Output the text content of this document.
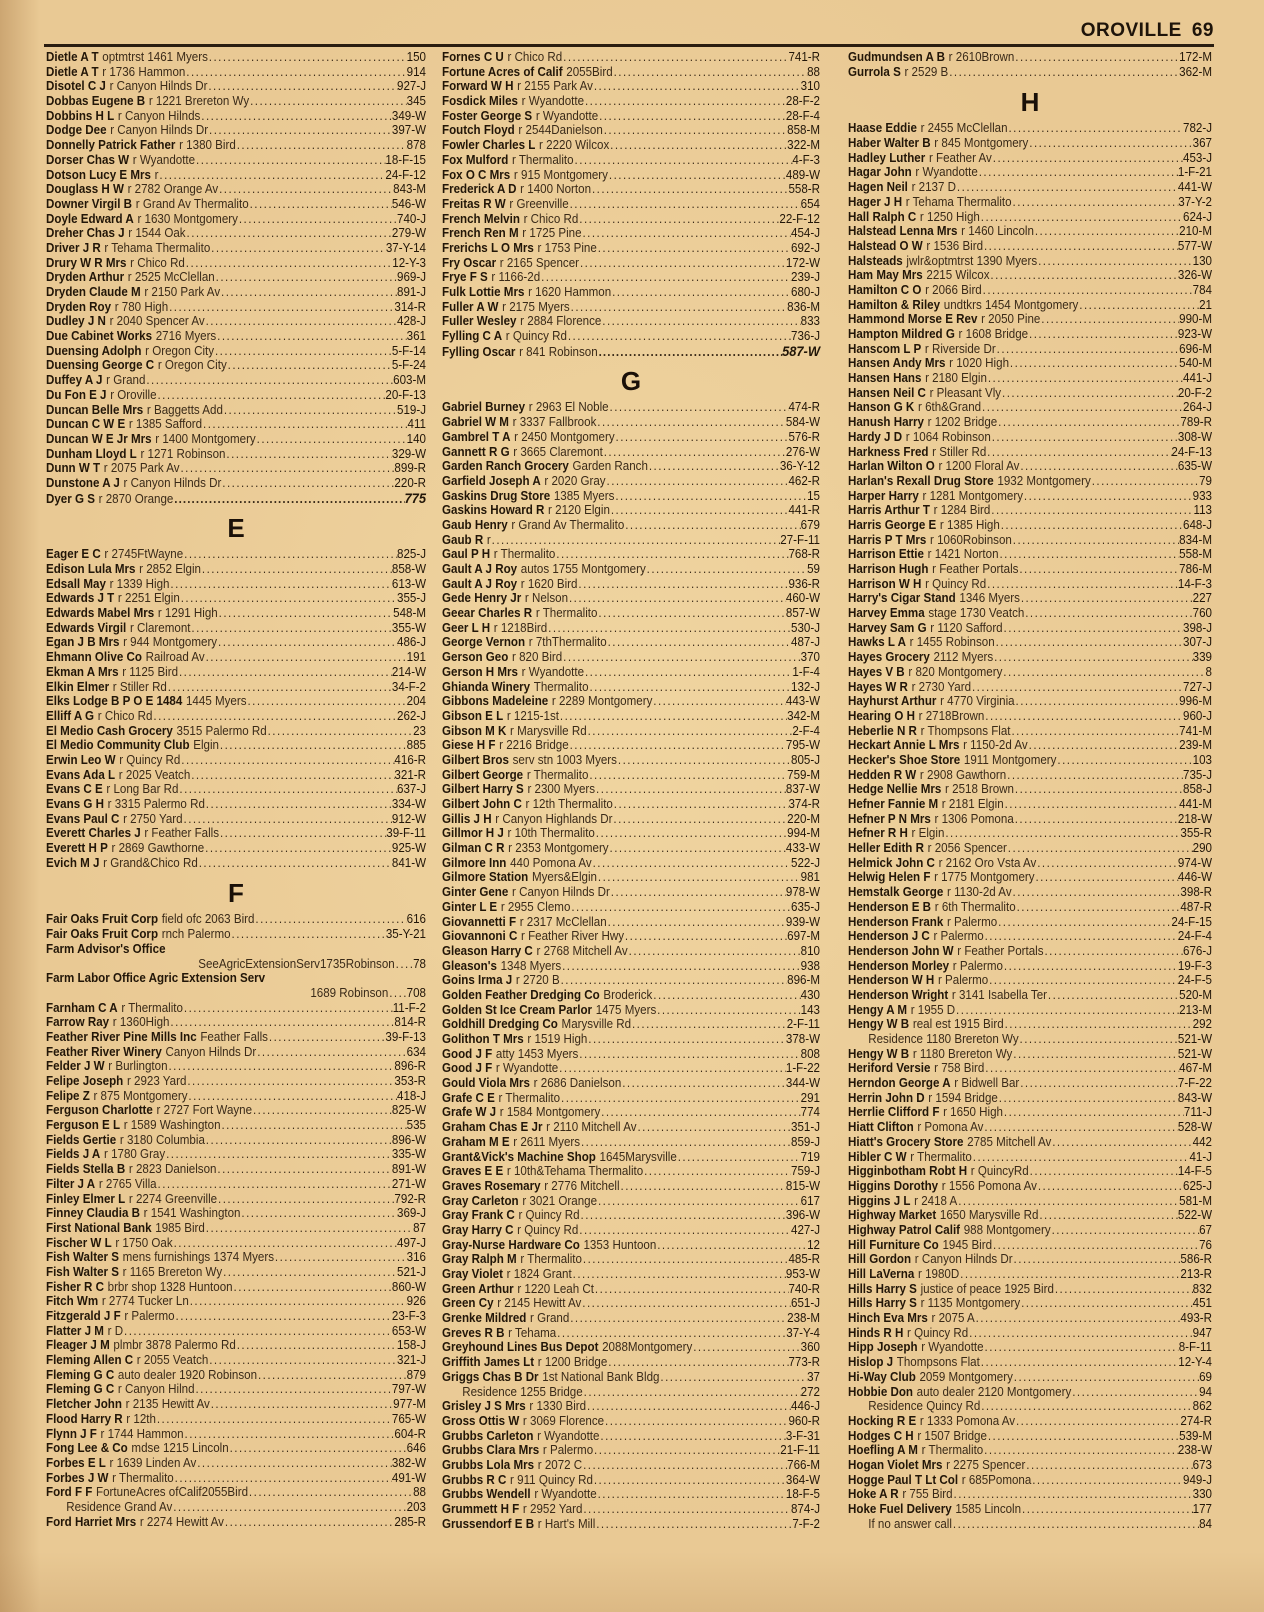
OROVILLE 69
Dietle A T optmtrst 1461 Myers .....	150
Dietle A T r 1736 Hammon .....	914
Disotel C J r Canyon Hilnds Dr .....	927-J
Dobbas Eugene B r 1221 Brereton Wy .....	345
Dobbins H L r Canyon Hilnds .....	349-W
Dodge Dee r Canyon Hilnds Dr .....	397-W
Donnelly Patrick Father r 1380 Bird .....	878
Dorser Chas W r Wyandotte .....	18-F-15
Dotson Lucy E Mrs r .....	24-F-12
Douglass H W r 2782 Orange Av .....	843-M
Downer Virgil B r Grand Av Thermalito .....	546-W
Doyle Edward A r 1630 Montgomery .....	740-J
Dreher Chas J r 1544 Oak .....	279-W
Driver J R r Tehama Thermalito .....	37-Y-14
Drury W R Mrs r Chico Rd .....	12-Y-3
Dryden Arthur r 2525 McClellan .....	969-J
Dryden Claude M r 2150 Park Av .....	891-J
Dryden Roy r 780 High .....	314-R
Dudley J N r 2040 Spencer Av .....	428-J
Due Cabinet Works 2716 Myers .....	361
Duensing Adolph r Oregon City .....	5-F-14
Duensing George C r Oregon City .....	5-F-24
Duffey A J r Grand .....	603-M
Du Fon E J r Oroville .....	20-F-13
Duncan Belle Mrs r Baggetts Add .....	519-J
Duncan C W E r 1385 Safford .....	411
Duncan W E Jr Mrs r 1400 Montgomery .....	140
Dunham Lloyd L r 1271 Robinson .....	329-W
Dunn W T r 2075 Park Av .....	899-R
Dunstone A J r Canyon Hilnds Dr .....	220-R
Dyer G S r 2870 Orange .....	775
E
Eager E C r 2745FtWayne .....	825-J
Edison Lula Mrs r 2852 Elgin .....	858-W
Edsall May r 1339 High .....	613-W
Edwards J T r 2251 Elgin .....	355-J
Edwards Mabel Mrs r 1291 High .....	548-M
Edwards Virgil r Claremont .....	355-W
Egan J B Mrs r 944 Montgomery .....	486-J
Ehmann Olive Co Railroad Av .....	191
Ekman A Mrs r 1125 Bird .....	214-W
Elkin Elmer r Stiller Rd .....	34-F-2
Elks Lodge B P O E 1484 1445 Myers .....	204
Elliff A G r Chico Rd .....	262-J
El Medio Cash Grocery 3515 Palermo Rd .....	23
El Medio Community Club Elgin .....	885
Erwin Leo W r Quincy Rd .....	416-R
Evans Ada L r 2025 Veatch .....	321-R
Evans C E r Long Bar Rd .....	637-J
Evans G H r 3315 Palermo Rd .....	334-W
Evans Paul C r 2750 Yard .....	912-W
Everett Charles J r Feather Falls .....	39-F-11
Everett H P r 2869 Gawthorne .....	925-W
Evich M J r Grand&Chico Rd .....	841-W
F
Fair Oaks Fruit Corp field ofc 2063 Bird .....	616
Fair Oaks Fruit Corp rnch Palermo .....	35-Y-21
Farm Advisor's Office
SeeAgricExtensionServ1735Robinson ..... 78
Farm Labor Office Agric Extension Serv
1689 Robinson ..... 708
Farnham C A r Thermalito .....	11-F-2
Farrow Ray r 1360High .....	814-R
Feather River Pine Mills Inc Feather Falls .....	39-F-13
Feather River Winery Canyon Hilnds Dr .....	634
Felder J W r Burlington .....	896-R
Felipe Joseph r 2923 Yard .....	353-R
Felipe Z r 875 Montgomery .....	418-J
Ferguson Charlotte r 2727 Fort Wayne .....	825-W
Ferguson E L r 1589 Washington .....	535
Fields Gertie r 3180 Columbia .....	896-W
Fields J A r 1780 Gray .....	335-W
Fields Stella B r 2823 Danielson .....	891-W
Filter J A r 2765 Villa .....	271-W
Finley Elmer L r 2274 Greenville .....	792-R
Finney Claudia B r 1541 Washington .....	369-J
First National Bank 1985 Bird .....	87
Fischer W L r 1750 Oak .....	497-J
Fish Walter S mens furnishings 1374 Myers .....	316
Fish Walter S r 1165 Brereton Wy .....	521-J
Fisher R C brbr shop 1328 Huntoon .....	860-W
Fitch Wm r 2774 Tucker Ln .....	926
Fitzgerald J F r Palermo .....	23-F-3
Flatter J M r D .....	653-W
Fleager J M plmbr 3878 Palermo Rd .....	158-J
Fleming Allen C r 2055 Veatch .....	321-J
Fleming G C auto dealer 1920 Robinson .....	879
Fleming G C r Canyon Hilnd .....	797-W
Fletcher John r 2135 Hewitt Av .....	977-M
Flood Harry R r 12th .....	765-W
Flynn J F r 1744 Hammon .....	604-R
Fong Lee & Co mdse 1215 Lincoln .....	646
Forbes E L r 1639 Linden Av .....	382-W
Forbes J W r Thermalito .....	491-W
Ford F F FortuneAcres ofCalif2055Bird .....	88
Residence Grand Av .....	203
Ford Harriet Mrs r 2274 Hewitt Av .....	285-R
Fornes C U r Chico Rd .....	741-R
Fortune Acres of Calif 2055Bird .....	88
Forward W H r 2155 Park Av .....	310
Fosdick Miles r Wyandotte .....	28-F-2
Foster George S r Wyandotte .....	28-F-4
Foutch Floyd r 2544Danielson .....	858-M
Fowler Charles L r 2220 Wilcox .....	322-M
Fox Mulford r Thermalito .....	4-F-3
Fox O C Mrs r 915 Montgomery .....	489-W
Frederick A D r 1400 Norton .....	558-R
Freitas R W r Greenville .....	654
French Melvin r Chico Rd .....	22-F-12
French Ren M r 1725 Pine .....	454-J
Frerichs L O Mrs r 1753 Pine .....	692-J
Fry Oscar r 2165 Spencer .....	172-W
Frye F S r 1166-2d .....	239-J
Fulk Lottie Mrs r 1620 Hammon .....	680-J
Fuller A W r 2175 Myers .....	836-M
Fuller Wesley r 2884 Florence .....	833
Fylling C A r Quincy Rd .....	736-J
Fylling Oscar r 841 Robinson .....	587-W
G
Gabriel Burney r 2963 El Noble .....	474-R
Gabriel W M r 3337 Fallbrook .....	584-W
Gambrel T A r 2450 Montgomery .....	576-R
Gannett R G r 3665 Claremont .....	276-W
Garden Ranch Grocery Garden Ranch .....	36-Y-12
Garfield Joseph A r 2020 Gray .....	462-R
Gaskins Drug Store 1385 Myers .....	15
Gaskins Howard R r 2120 Elgin .....	441-R
Gaub Henry r Grand Av Thermalito .....	679
Gaub R r .....	27-F-11
Gaul P H r Thermalito .....	768-R
Gault A J Roy autos 1755 Montgomery .....	59
Gault A J Roy r 1620 Bird .....	936-R
Gede Henry Jr r Nelson .....	460-W
Geear Charles R r Thermalito .....	857-W
Geer L H r 1218Bird .....	530-J
George Vernon r 7thThermalito .....	487-J
Gerson Geo r 820 Bird .....	370
Gerson H Mrs r Wyandotte .....	1-F-4
Ghianda Winery Thermalito .....	132-J
Gibbons Madeleine r 2289 Montgomery .....	443-W
Gibson E L r 1215-1st .....	342-M
Gibson M K r Marysville Rd .....	2-F-4
Giese H F r 2216 Bridge .....	795-W
Gilbert Bros serv stn 1003 Myers .....	805-J
Gilbert George r Thermalito .....	759-M
Gilbert Harry S r 2300 Myers .....	837-W
Gilbert John C r 12th Thermalito .....	374-R
Gillis J H r Canyon Highlands Dr .....	220-M
Gillmor H J r 10th Thermalito .....	994-M
Gilman C R r 2353 Montgomery .....	433-W
Gilmore Inn 440 Pomona Av .....	522-J
Gilmore Station Myers&Elgin .....	981
Ginter Gene r Canyon Hilnds Dr .....	978-W
Ginter L E r 2955 Clemo .....	635-J
Giovannetti F r 2317 McClellan .....	939-W
Giovannoni C r Feather River Hwy .....	697-M
Gleason Harry C r 2768 Mitchell Av .....	810
Gleason's 1348 Myers .....	938
Goins Irma J r 2720 B .....	896-M
Golden Feather Dredging Co Broderick .....	430
Golden St Ice Cream Parlor 1475 Myers .....	143
Goldhill Dredging Co Marysville Rd .....	2-F-11
Golithon T Mrs r 1519 High .....	378-W
Good J F atty 1453 Myers .....	808
Good J F r Wyandotte .....	1-F-22
Gould Viola Mrs r 2686 Danielson .....	344-W
Grafe C E r Thermalito .....	291
Grafe W J r 1584 Montgomery .....	774
Graham Chas E Jr r 2110 Mitchell Av .....	351-J
Graham M E r 2611 Myers .....	859-J
Grant&Vick's Machine Shop 1645Marysville .....	719
Graves E E r 10th&Tehama Thermalito .....	759-J
Graves Rosemary r 2776 Mitchell .....	815-W
Gray Carleton r 3021 Orange .....	617
Gray Frank C r Quincy Rd .....	396-W
Gray Harry C r Quincy Rd .....	427-J
Gray-Nurse Hardware Co 1353 Huntoon .....	12
Gray Ralph M r Thermalito .....	485-R
Gray Violet r 1824 Grant .....	953-W
Green Arthur r 1220 Leah Ct .....	740-R
Green Cy r 2145 Hewitt Av .....	651-J
Grenke Mildred r Grand .....	238-M
Greves R B r Tehama .....	37-Y-4
Greyhound Lines Bus Depot 2088Montgomery .....	360
Griffith James Lt r 1200 Bridge .....	773-R
Griggs Chas B Dr 1st National Bank Bldg .....	37
Residence 1255 Bridge .....	272
Grisley J S Mrs r 1330 Bird .....	446-J
Gross Ottis W r 3069 Florence .....	960-R
Grubbs Carleton r Wyandotte .....	3-F-31
Grubbs Clara Mrs r Palermo .....	21-F-11
Grubbs Lola Mrs r 2072 C .....	766-M
Grubbs R C r 911 Quincy Rd .....	364-W
Grubbs Wendell r Wyandotte .....	18-F-5
Grummett H F r 2952 Yard .....	874-J
Grussendorf E B r Hart's Mill .....	7-F-2
Gudmundsen A B r 2610Brown .....	172-M
Gurrola S r 2529 B .....	362-M
H
Haase Eddie r 2455 McClellan .....	782-J
Haber Walter B r 845 Montgomery .....	367
Hadley Luther r Feather Av .....	453-J
Hagar John r Wyandotte .....	1-F-21
Hagen Neil r 2137 D .....	441-W
Hager J H r Tehama Thermalito .....	37-Y-2
Hall Ralph C r 1250 High .....	624-J
Halstead Lenna Mrs r 1460 Lincoln .....	210-M
Halstead O W r 1536 Bird .....	577-W
Halsteads jwlr&optmtrst 1390 Myers .....	130
Ham May Mrs 2215 Wilcox .....	326-W
Hamilton C O r 2066 Bird .....	784
Hamilton & Riley undtkrs 1454 Montgomery .....	21
Hammond Morse E Rev r 2050 Pine .....	990-M
Hampton Mildred G r 1608 Bridge .....	923-W
Hanscom L P r Riverside Dr .....	696-M
Hansen Andy Mrs r 1020 High .....	540-M
Hansen Hans r 2180 Elgin .....	441-J
Hansen Neil C r Pleasant Vly .....	20-F-2
Hanson G K r 6th&Grand .....	264-J
Hanush Harry r 1202 Bridge .....	789-R
Hardy J D r 1064 Robinson .....	308-W
Harkness Fred r Stiller Rd .....	24-F-13
Harlan Wilton O r 1200 Floral Av .....	635-W
Harlan's Rexall Drug Store 1932 Montgomery .....	79
Harper Harry r 1281 Montgomery .....	933
Harris Arthur T r 1284 Bird .....	113
Harris George E r 1385 High .....	648-J
Harris P T Mrs r 1060Robinson .....	834-M
Harrison Ettie r 1421 Norton .....	558-M
Harrison Hugh r Feather Portals .....	786-M
Harrison W H r Quincy Rd .....	14-F-3
Harry's Cigar Stand 1346 Myers .....	227
Harvey Emma stage 1730 Veatch .....	760
Harvey Sam G r 1120 Safford .....	398-J
Hawks L A r 1455 Robinson .....	307-J
Hayes Grocery 2112 Myers .....	339
Hayes V B r 820 Montgomery .....	8
Hayes W R r 2730 Yard .....	727-J
Hayhurst Arthur r 4770 Virginia .....	996-M
Hearing O H r 2718Brown .....	960-J
Heberlie N R r Thompsons Flat .....	741-M
Heckart Annie L Mrs r 1150-2d Av .....	239-M
Hecker's Shoe Store 1911 Montgomery .....	103
Hedden R W r 2908 Gawthorn .....	735-J
Hedge Nellie Mrs r 2518 Brown .....	858-J
Hefner Fannie M r 2181 Elgin .....	441-M
Hefner P N Mrs r 1306 Pomona .....	218-W
Hefner R H r Elgin .....	355-R
Heller Edith R r 2056 Spencer .....	290
Helmick John C r 2162 Oro Vsta Av .....	974-W
Helwig Helen F r 1775 Montgomery .....	446-W
Hemstalk George r 1130-2d Av .....	398-R
Henderson E B r 6th Thermalito .....	487-R
Henderson Frank r Palermo .....	24-F-15
Henderson J C r Palermo .....	24-F-4
Henderson John W r Feather Portals .....	676-J
Henderson Morley r Palermo .....	19-F-3
Henderson W H r Palermo .....	24-F-5
Henderson Wright r 3141 Isabella Ter .....	520-M
Hengy A M r 1955 D .....	213-M
Hengy W B real est 1915 Bird .....	292
Residence 1180 Brereton Wy .....	521-W
Hengy W B r 1180 Brereton Wy .....	521-W
Heriford Versie r 758 Bird .....	467-M
Herndon George A r Bidwell Bar .....	7-F-22
Herrin John D r 1594 Bridge .....	843-W
Herrlie Clifford F r 1650 High .....	711-J
Hiatt Clifton r Pomona Av .....	528-W
Hiatt's Grocery Store 2785 Mitchell Av .....	442
Hibler C W r Thermalito .....	41-J
Higginbotham Robt H r QuincyRd .....	14-F-5
Higgins Dorothy r 1556 Pomona Av .....	625-J
Higgins J L r 2418 A .....	581-M
Highway Market 1650 Marysville Rd .....	522-W
Highway Patrol Calif 988 Montgomery .....	67
Hill Furniture Co 1945 Bird .....	76
Hill Gordon r Canyon Hilnds Dr .....	586-R
Hill LaVerna r 1980D .....	213-R
Hills Harry S justice of peace 1925 Bird .....	832
Hills Harry S r 1135 Montgomery .....	451
Hinch Eva Mrs r 2075 A .....	493-R
Hinds R H r Quincy Rd .....	947
Hipp Joseph r Wyandotte .....	8-F-11
Hislop J Thompsons Flat .....	12-Y-4
Hi-Way Club 2059 Montgomery .....	69
Hobbie Don auto dealer 2120 Montgomery .....	94
Residence Quincy Rd .....	862
Hocking R E r 1333 Pomona Av .....	274-R
Hodges C H r 1507 Bridge .....	539-M
Hoefling A M r Thermalito .....	238-W
Hogan Violet Mrs r 2275 Spencer .....	673
Hogge Paul T Lt Col r 685Pomona .....	949-J
Hoke A R r 755 Bird .....	330
Hoke Fuel Delivery 1585 Lincoln .....	177
If no answer call .....	84
